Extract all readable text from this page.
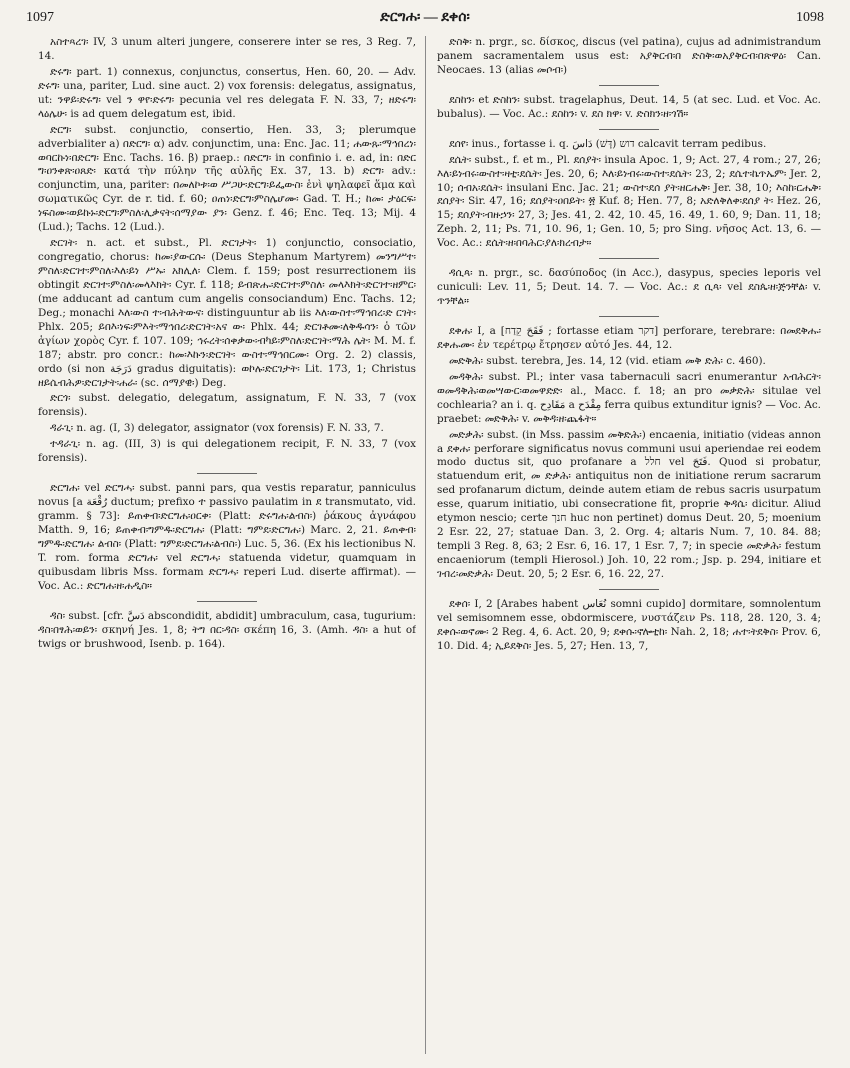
1097	ድርግሐ፡ — ደቀሰ፡	1098
አስተጻረገ፡ IV, 3 unum alteri jungere, conserere inter se res, 3 Reg. 7, 14.
ድሩግ፡ part. 1) connexus, conjunctus, consertus, Hen. 60, 20. — Adv. ድሩግ፡ una, pariter, Lud. sine auct. 2) vox forensis: delegatus, assignatus, ut: ንዋይ፡ድሩግ፡ vel ን ዋየ፡ድሩግ፡ pecunia vel res delegata F. N. 33, 7; ዘድሩግ፡ ላዕሌሁ፡ is ad quem delegatum est, ibid.
ድርግ፡ subst. conjunctio, consertio, Hen. 33, 3; plerumque adverbialiter a) በድርግ፡ α) adv. conjunctim, una: Enc. Jac. 11; ሐውጹ፡ማኅበረነ፡ወባርኩነ፡በድርግ፡ Enc. Tachs. 16. β) praep.: በድርግ፡ in confinio i. e. ad, in: በድር ግ፡ዐንቀጽ፡ዐጸድ፡ κατά τὴν πύλην τῆς αὐλῆς Ex. 37, 13. b) ድርግ፡ adv.: conjunctim, una, pariter: በመለኮቱ፡ወ ሥጋሁ፡ድርግ፡ይፌውስ፡ ἑνὶ ψηλαφεῖ ἅμα καὶ σωματικῶς Cyr. de r. tid. f. 60; ዐጠነ፡ድርግ፡ምስሌሆሙ፡ Gad. T. H.; ከመ፡ ታዕርፍ፡ነፍስሙ፡ወይኩኑ፡ድርግ፡ምስለ፡ሊቃናት፡ሰማያው ያን፡ Genz. f. 46; Enc. Teq. 13; Mij. 4 (Lud.); Tachs. 12 (Lud.).
ድርገት፡ n. act. et subst., Pl. ድርገታት፡ 1) conjunctio, consociatio, congregatio, chorus: ከመ፡ያውርሱ፡ (Deus Stephanum Martyrem) መንግሥተ፡ምስለ፡ድርገተ፡ምስለ፡እለ፡ይነ ሥኡ፡ አክሊለ፡ Clem. f. 159; post resurrectionem iis obtingit ድርገተ፡ምስለ፡መላእክት፡ Cyr. f. 118; ይብጽሑ፡ድርገተ፡ምስለ፡ መላእክት፡ድርገተ፡ዘምር፡ (me adducant ad cantum cum angelis consociandum) Enc. Tachs. 12; Deg.; monachi እለ፡ውስ ተ፡ብሕትውና፡ distinguuntur ab iis እለ፡ውስተ፡ማኅበረ፡ድ ርገት፡ Phlx. 205; ይበእ፡ነፍ፡ምእት፡ማኅበረ፡ድርገት፡አና ው፡ Phlx. 44; ድርገቶሙ፡ለቅዱሳን፡ ὁ τῶν ἁγίων χορὸς Cyr. f. 107. 109; ኅሩረት፡ሰቀቃው፡ብካይ፡ምስለ፡ድርገት፡ማሕ ሌት፡ M. M. f. 187; abstr. pro concr.: ከመ፡እኩን፡ድርገት፡ ውስተ፡ማኅበርሙ፡ Org. 2. 2) classis, ordo (si non دَرَجَة gradus diguitatis): ወኮሉ፡ድርገታት፡ Lit. 173, 1; Christus ዘይሴብሕዎ፡ድርገታት፡ሐራ፡ (sc. ሰማያዊ፡) Deg.
ድርጎ፡ subst. delegatio, delegatum, assignatum, F. N. 33, 7 (vox forensis).
ዳራጊ፡ n. ag. (I, 3) delegator, assignator (vox forensis) F. N. 33, 7.
ተዳራጊ፡ n. ag. (III, 3) is qui delegationem recipit, F. N. 33, 7 (vox forensis).
ድርግሐ፡ vel ድርግሓ፡ subst. panni pars, qua vestis reparatur, panniculus novus [a رُقْعَة ductum; prefixo ተ passivo paulatim in ደ transmutato, vid. gramm. § 73]: ይጠቀብ፡ድርግሐ፡ዐርቀ፡ (Platt: ድሩግሐ፡ልብስ፡) ῥάκους ἀγνάφου Matth. 9, 16; ይጠቀብ፡ግምዱ፡ድርግሐ፡ (Platt: ግምደ፡ድርግሐ፡) Marc. 2, 21. ይጠቀብ፡ግምዱ፡ድርግሐ፡ ልብስ፡ (Platt: ግምደ፡ድርግሐ፡ልብስ፡) Luc. 5, 36. (Ex his lectionibus N. T. rom. forma ድርግሐ፡ vel ድርግሓ፡ statuenda videtur, quamquam in quibusdam libris Mss. formam ድርግሓ፡ reperi Lud. diserte affirmat). — Voc. Ac.: ድርግሐ፡ዘ፡ሐዲስ።
ዳስ፡ subst. [cfr. دَسَّ abscondidit, abdidit] umbraculum, casa, tugurium: ዳስ፡በፃሕ፡ወይን፡ σκηνή Jes. 1, 8; ትግ በር፡ዳስ፡ σκέπη 16, 3. (Amh. ዳስ፡ a hut of twigs or brushwood, Isenb. p. 164).
ድስቅ፡ n. prgr., sc. δίσκος, discus (vel patina), cujus ad adnimistrandum panem sacramentalem usus est: አያቅርብ፡በ ድስቅ፡ወአያቅርብ፡በጽዋዕ፡ Can. Neocaes. 13 (alias መሶብ፡)
ደስከን፡ et ድስከን፡ subst. tragelaphus, Deut. 14, 5 (at sec. Lud. et Voc. Ac. bubalus). — Voc. Ac.: ደስከን፡ v. ደስ ክዋ፡ v. ድስክን፡ዘ፡ጎሽ።
ደሰየ፡ inus., fortasse i. q. דוש (דָּשׁ) دَاسَ calcavit terram pedibus.
ደሴት፡ subst., f. et m., Pl. ደሰያት፡ insula Apoc. 1, 9; Act. 27, 4 rom.; 27, 26; እለ፡ይነብሩ፡ውስተ፡ዛቲ፡ደሴት፡ Jes. 20, 6; እለ፡ይነብሩ፡ውስተ፡ደሴት፡ 23, 2; ደሴተ፡ኬጥኤም፡ Jer. 2, 10; ሰብአ፡ደሴት፡ insulani Enc. Jac. 21; ውስተ፡ደሰ ያት፡ዘርሔቅ፡ Jer. 38, 10; እስከ፡ርሔቅ፡ደሰያት፡ Sir. 47, 16; ደሰያት፡ዐበይት፡ ፳ Kuf. 8; Hen. 77, 8; አድለቅለቀ፡ደሰያ ት፡ Hez. 26, 15; ደሰያት፡ብዙኃን፡ 27, 3; Jes. 41, 2. 42, 10. 45, 16. 49, 1. 60, 9; Dan. 11, 18; Zeph. 2, 11; Ps. 71, 10. 96, 1; Gen. 10, 5; pro Sing. νῆσος Act. 13, 6. — Voc. Ac.: ደሴት፡ዘ፡በባሕር፡ያለ፡ክረብታ።
ዳሲጳ፡ n. prgr., sc. δασύποδος (in Acc.), dasypus, species leporis vel cuniculi: Lev. 11, 5; Deut. 14. 7. — Voc. Ac.: ደ ሲጳ፡ vel ደስጴ፡ዘ፡ጅንቸል፡ v. ጥንቸል።
ደቀሐ፡ I, a [فَقَحَ קֵדַח ; fortasse etiam דקר] perforare, terebrare: በመደቅሑ፡ደቀሑሙ፡ ἐν τερέτρῳ ἔτρησεν αὐτό Jes. 44, 12.
መድቅሕ፡ subst. terebra, Jes. 14, 12 (vid. etiam መቅ ድሕ፡ c. 460).
መዳቅሕ፡ subst. Pl.; inter vasa tabernaculi sacri enumerantur አብሕርት፡ወመዳቅሕ፡ወመሣውር፡ወመዋድድ፡ al., Macc. f. 18; an pro መቃድሕ፡ situlae vel cochlearia? an i. q. مَقَادِح a مِقْدَح ferra quibus extunditur ignis? — Voc. Ac. praebet: መድቅሕ፡ v. መቅዳ፡ዘ፡ጨፋት።
መድቃሕ፡ subst. (in Mss. passim መቅድሕ፡) encaenia, initiatio (videas annon a ደቀሐ፡ perforare significatus novus communi usui aperiendae rei eodem modo ductus sit, quo profanare a חלל vel فَتَحَ. Quod si probatur, statuendum erit, መ ድቃሕ፡ antiquitus non de initiatione rerum sacrarum sed profanarum dictum, deinde autem etiam de rebus sacris usurpatum esse, quarum initiatio, ubi consecratione fit, proprie ቅዳሴ፡ dicitur. Aliud etymon nescio; certe חנך huc non pertinet) domus Deut. 20, 5; moenium 2 Esr. 22, 27; statuae Dan. 3, 2. Org. 4; altaris Num. 7, 10. 84. 88; templi 3 Reg. 8, 63; 2 Esr. 6, 16. 17, 1 Esr. 7, 7; in specie መድቃሕ፡ festum encaeniorum (templi Hierosol.) Joh. 10, 22 rom.; Jsp. p. 294, initiare et ገብረ፡መድቃሕ፡ Deut. 20, 5; 2 Esr. 6, 16. 22, 27.
ደቀሰ፡ I, 2 [Arabes habent نُعَاس somni cupido] dormitare, somnolentum vel semisomnem esse, obdormiscere, νυστάζειν Ps. 118, 28. 120, 3. 4; ደቀሱ፡ወኖሙ፡ 2 Reg. 4, 6. Act. 20, 9; ደቀሱ፡ኖሎቲከ፡ Nah. 2, 18; ሐተ፡ትደቅስ፡ Prov. 6, 10. Did. 4; ኢይደቅስ፡ Jes. 5, 27; Hen. 13, 7,
